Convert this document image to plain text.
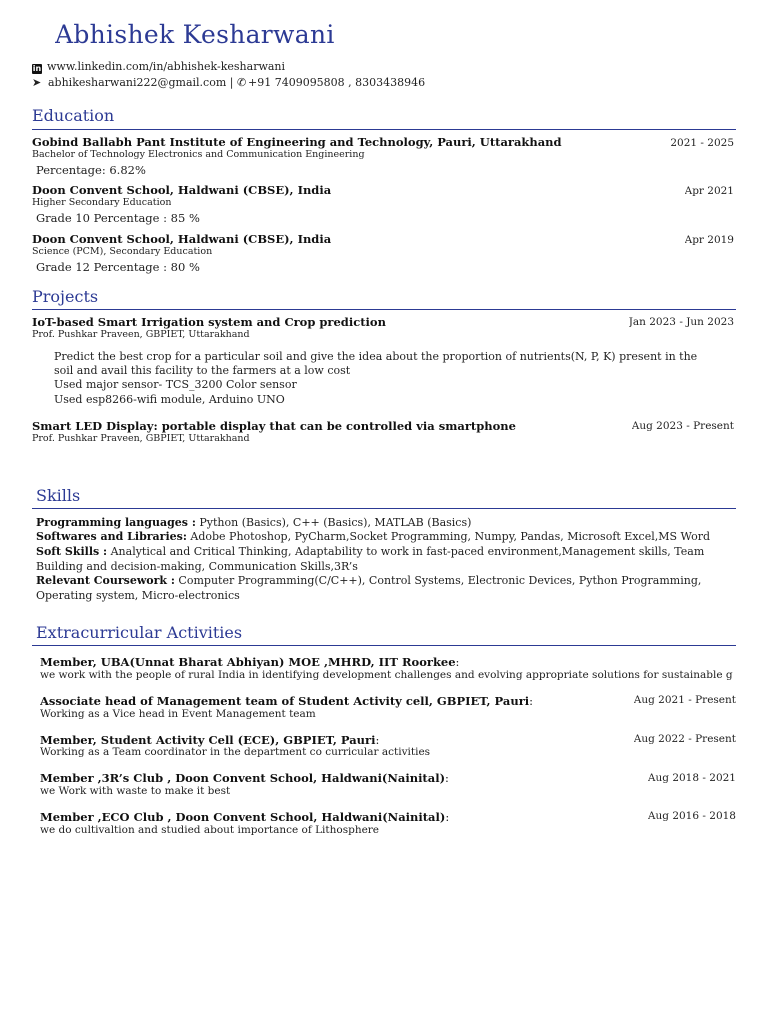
Abhishek Kesharwani
in www.linkedin.com/in/abhishek-kesharwani
➤ abhikesharwani222@gmail.com | ✆ +91 7409095808 , 8303438946
Education
Gobind Ballabh Pant Institute of Engineering and Technology, Pauri, Uttarakhand	2021 - 2025
Bachelor of Technology Electronics and Communication Engineering
Percentage: 6.82%
Doon Convent School, Haldwani (CBSE), India	Apr 2021
Higher Secondary Education
Grade 10 Percentage : 85 %
Doon Convent School, Haldwani (CBSE), India	Apr 2019
Science (PCM), Secondary Education
Grade 12 Percentage : 80 %
Projects
IoT-based Smart Irrigation system and Crop prediction	Jan 2023 - Jun 2023
Prof. Pushkar Praveen, GBPIET, Uttarakhand
● Predict the best crop for a particular soil and give the idea about the proportion of nutrients(N, P, K) present in the
soil and avail this facility to the farmers at a low cost
● Used major sensor- TCS_3200 Color sensor
● Used esp8266-wifi module, Arduino UNO
Smart LED Display: portable display that can be controlled via smartphone	Aug 2023 - Present
Prof. Pushkar Praveen, GBPIET, Uttarakhand
Skills
Programming languages : Python (Basics), C++ (Basics), MATLAB (Basics)
Softwares and Libraries: Adobe Photoshop, PyCharm,Socket Programming, Numpy, Pandas, Microsoft Excel,MS Word
Soft Skills : Analytical and Critical Thinking, Adaptability to work in fast-paced environment,Management skills, Team
Building and decision-making, Communication Skills,3R’s
Relevant Coursework : Computer Programming(C/C++), Control Systems, Electronic Devices, Python Programming,
Operating system, Micro-electronics
Extracurricular Activities
Member, UBA(Unnat Bharat Abhiyan) MOE ,MHRD, IIT Roorkee:
we work with the people of rural India in identifying development challenges and evolving appropriate solutions for sustainable g
Associate head of Management team of Student Activity cell, GBPIET, Pauri:	Aug 2021 - Present
Working as a Vice head in Event Management team
Member, Student Activity Cell (ECE), GBPIET, Pauri:	Aug 2022 - Present
Working as a Team coordinator in the department co curricular activities
Member ,3R’s Club , Doon Convent School, Haldwani(Nainital):	Aug 2018 - 2021
we Work with waste to make it best
Member ,ECO Club , Doon Convent School, Haldwani(Nainital):	Aug 2016 - 2018
we do cultivaltion and studied about importance of Lithosphere
